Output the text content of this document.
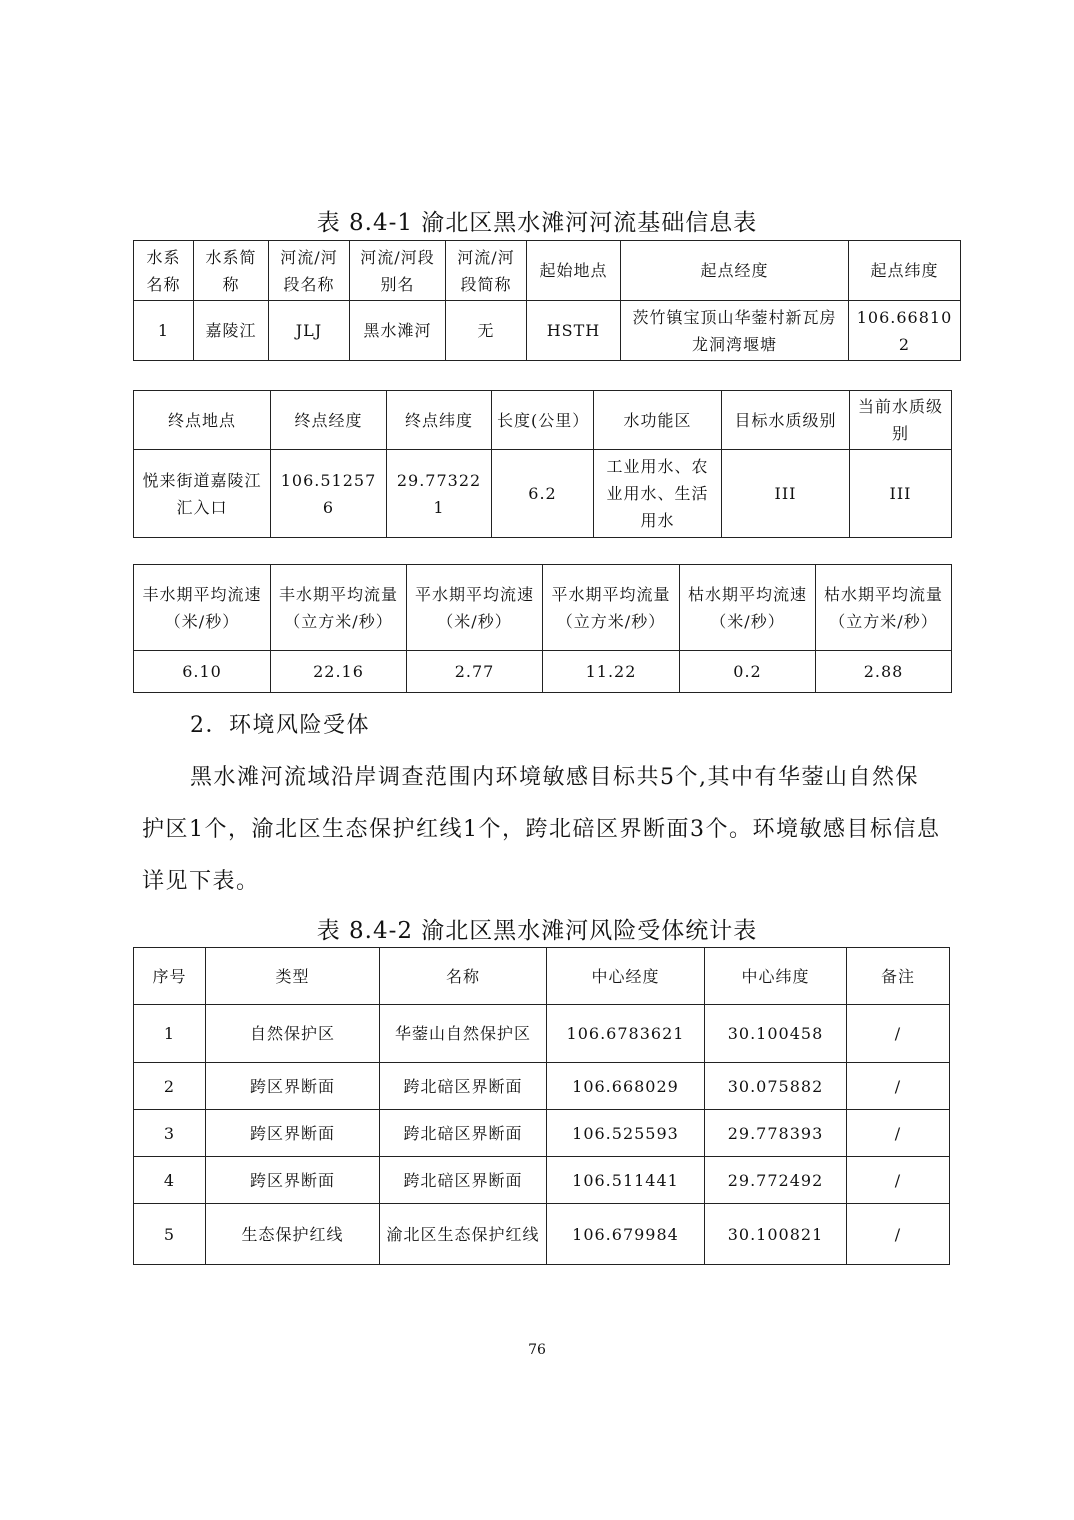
表 8.4-1 渝北区黑水滩河河流基础信息表
水系名称	水系简称	河流/河段名称	河流/河段别名	河流/河段简称	起始地点	起点经度	起点纬度
1	嘉陵江	JLJ	黑水滩河	无	HSTH	茨竹镇宝顶山华蓥村新瓦房龙洞湾堰塘	106.668102
终点地点	终点经度	终点纬度	长度(公里）	水功能区	目标水质级别	当前水质级别
悦来街道嘉陵江汇入口	106.512576	29.773221	6.2	工业用水、农业用水、生活用水	III	III
丰水期平均流速（米/秒）	丰水期平均流量（立方米/秒）	平水期平均流速（米/秒）	平水期平均流量（立方米/秒）	枯水期平均流速（米/秒）	枯水期平均流量（立方米/秒）
6.10	22.16	2.77	11.22	0.2	2.88
2．环境风险受体
黑水滩河流域沿岸调查范围内环境敏感目标共5个,其中有华蓥山自然保护区1个，渝北区生态保护红线1个，跨北碚区界断面3个。环境敏感目标信息详见下表。
表 8.4-2 渝北区黑水滩河风险受体统计表
序号	类型	名称	中心经度	中心纬度	备注
1	自然保护区	华蓥山自然保护区	106.6783621	30.100458	/
2	跨区界断面	跨北碚区界断面	106.668029	30.075882	/
3	跨区界断面	跨北碚区界断面	106.525593	29.778393	/
4	跨区界断面	跨北碚区界断面	106.511441	29.772492	/
5	生态保护红线	渝北区生态保护红线	106.679984	30.100821	/
76
